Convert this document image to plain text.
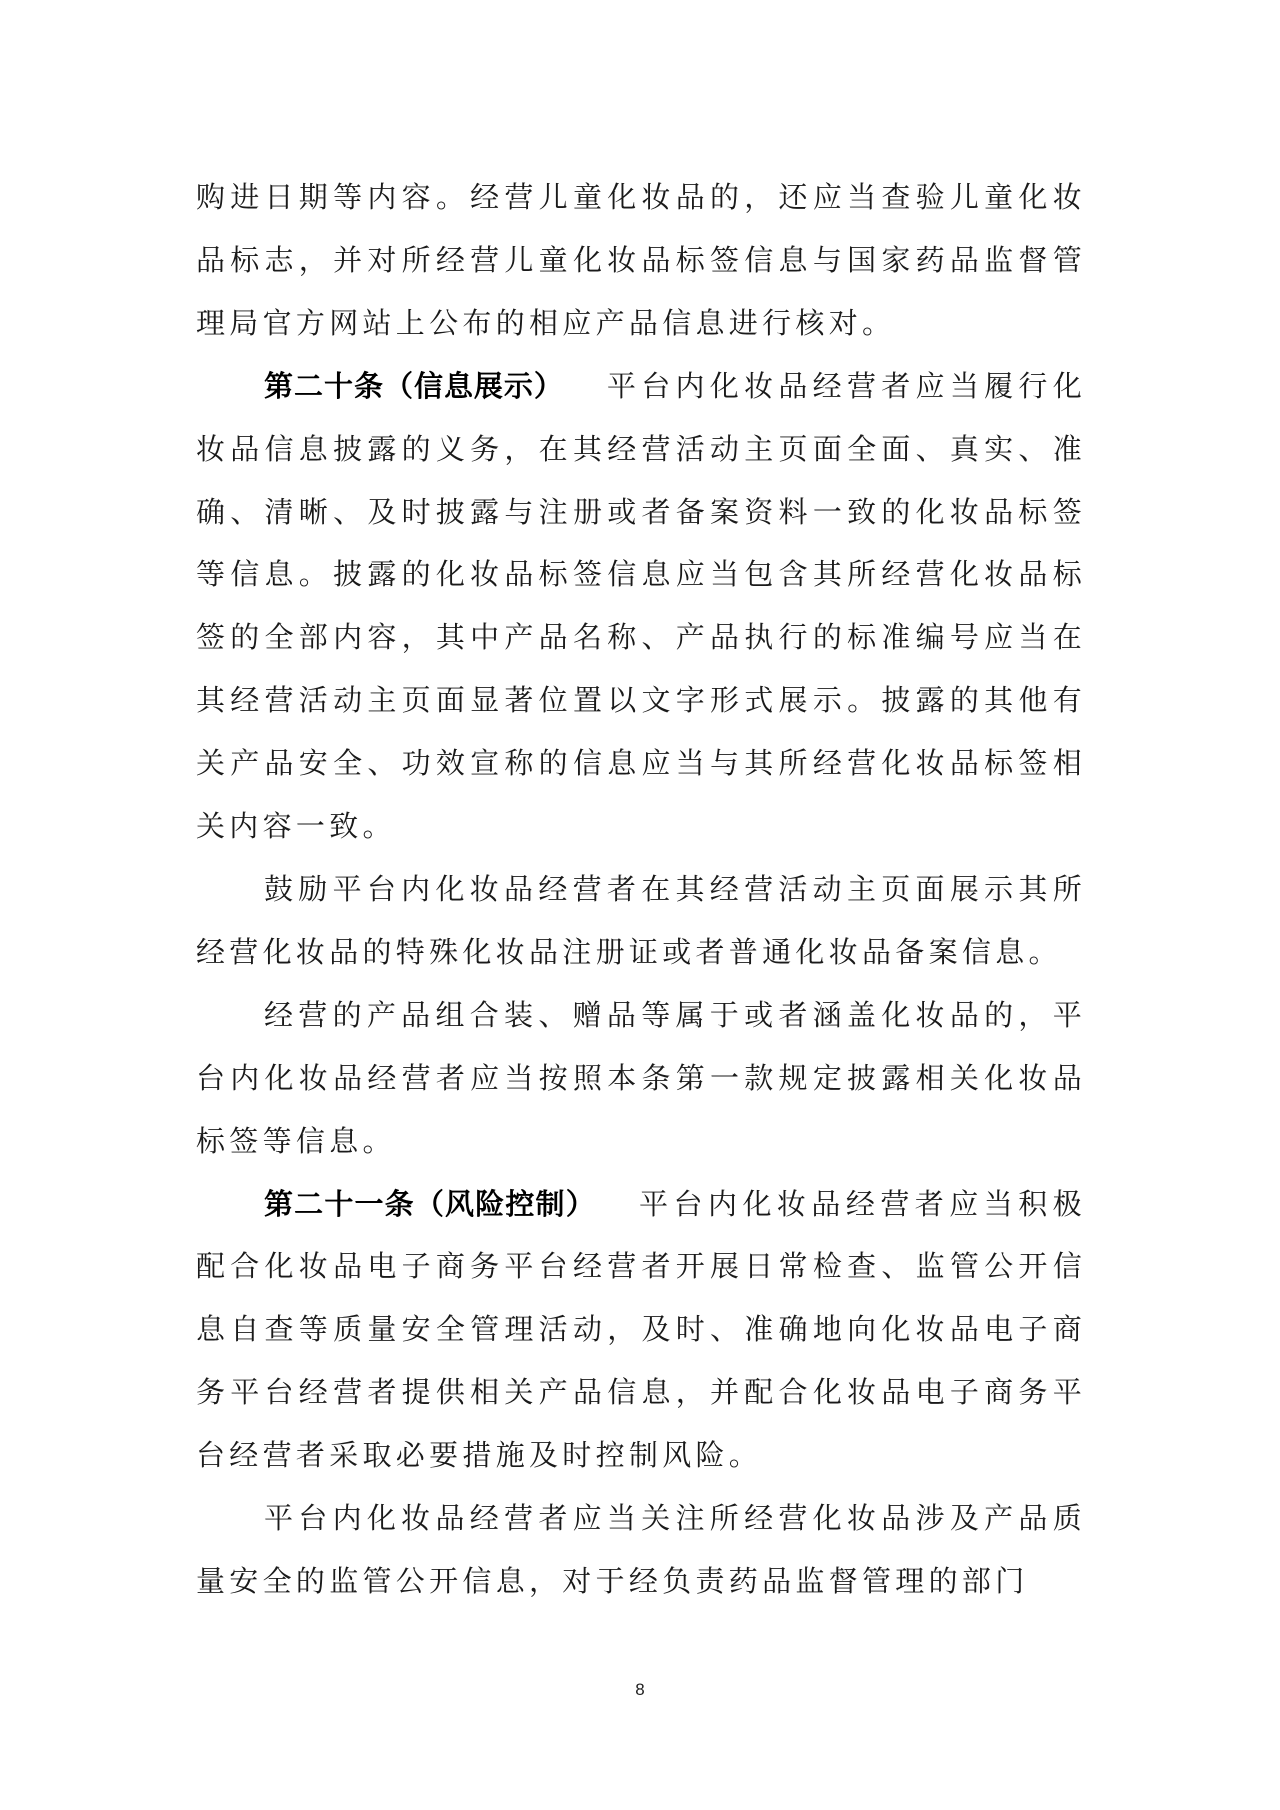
购进日期等内容。经营儿童化妆品的，还应当查验儿童化妆品标志，并对所经营儿童化妆品标签信息与国家药品监督管理局官方网站上公布的相应产品信息进行核对。

第二十条（信息展示） 平台内化妆品经营者应当履行化妆品信息披露的义务，在其经营活动主页面全面、真实、准确、清晰、及时披露与注册或者备案资料一致的化妆品标签等信息。披露的化妆品标签信息应当包含其所经营化妆品标签的全部内容，其中产品名称、产品执行的标准编号应当在其经营活动主页面显著位置以文字形式展示。披露的其他有关产品安全、功效宣称的信息应当与其所经营化妆品标签相关内容一致。

鼓励平台内化妆品经营者在其经营活动主页面展示其所经营化妆品的特殊化妆品注册证或者普通化妆品备案信息。

经营的产品组合装、赠品等属于或者涵盖化妆品的，平台内化妆品经营者应当按照本条第一款规定披露相关化妆品标签等信息。

第二十一条（风险控制） 平台内化妆品经营者应当积极配合化妆品电子商务平台经营者开展日常检查、监管公开信息自查等质量安全管理活动，及时、准确地向化妆品电子商务平台经营者提供相关产品信息，并配合化妆品电子商务平台经营者采取必要措施及时控制风险。

平台内化妆品经营者应当关注所经营化妆品涉及产品质量安全的监管公开信息，对于经负责药品监督管理的部门

8
